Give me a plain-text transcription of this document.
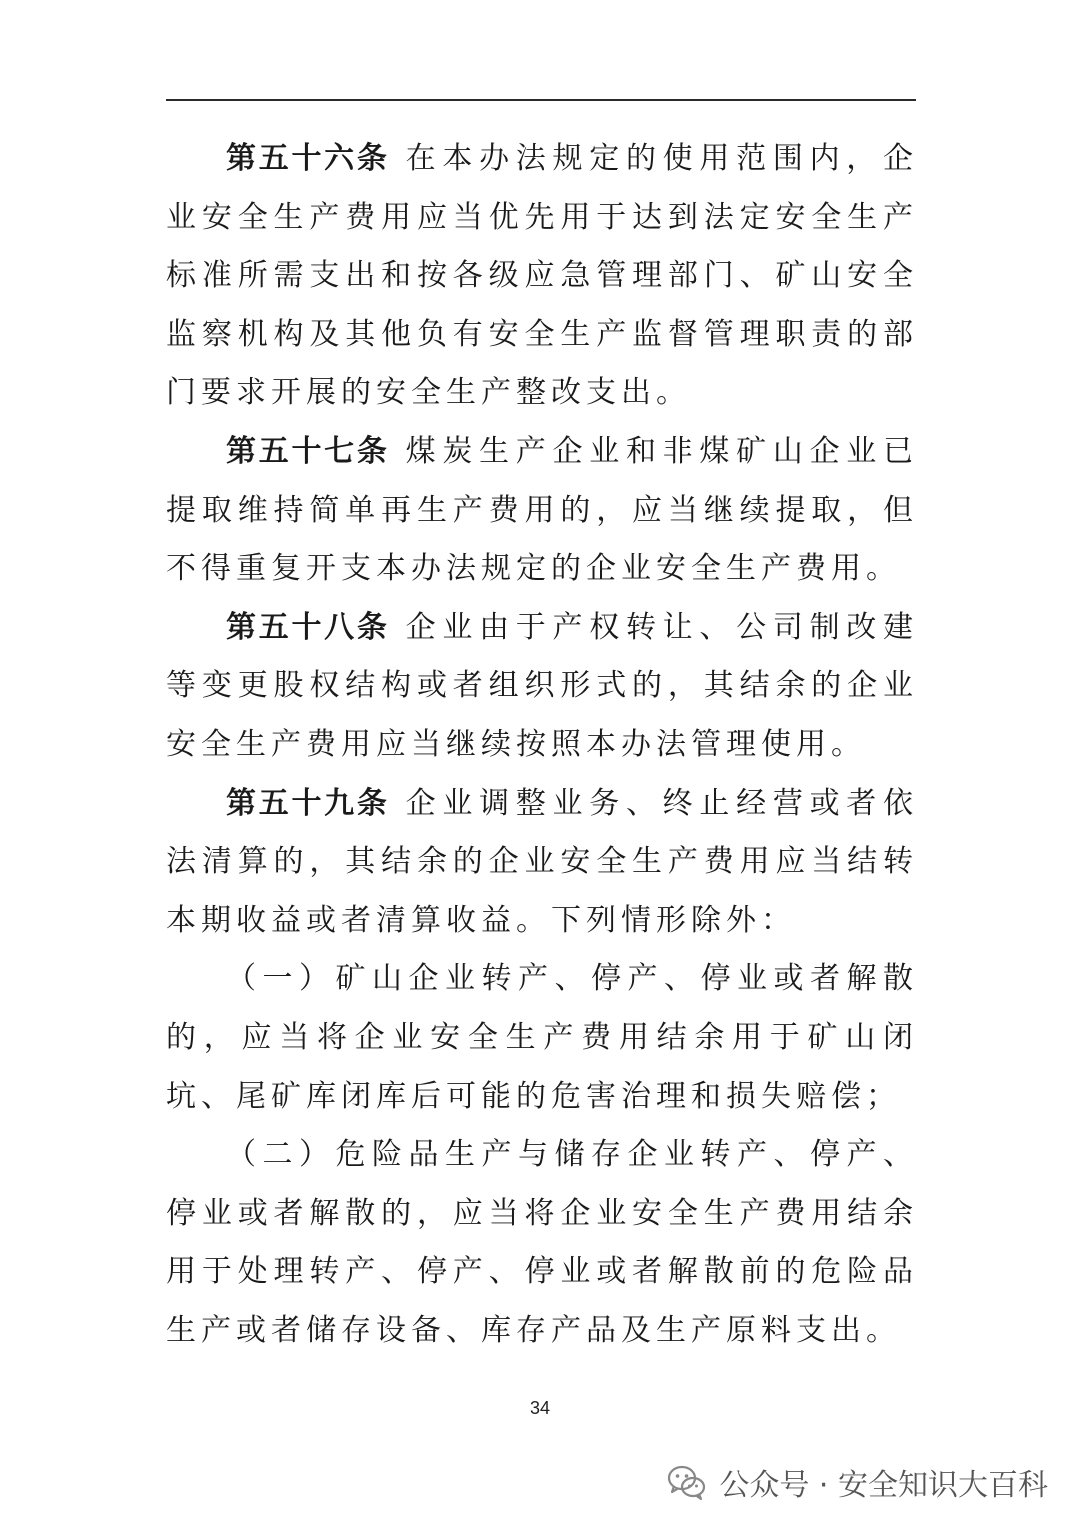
第五十六条 在本办法规定的使用范围内，企业安全生产费用应当优先用于达到法定安全生产标准所需支出和按各级应急管理部门、矿山安全监察机构及其他负有安全生产监督管理职责的部门要求开展的安全生产整改支出。

第五十七条 煤炭生产企业和非煤矿山企业已提取维持简单再生产费用的，应当继续提取，但不得重复开支本办法规定的企业安全生产费用。

第五十八条 企业由于产权转让、公司制改建等变更股权结构或者组织形式的，其结余的企业安全生产费用应当继续按照本办法管理使用。

第五十九条 企业调整业务、终止经营或者依法清算的，其结余的企业安全生产费用应当结转本期收益或者清算收益。下列情形除外：

（一）矿山企业转产、停产、停业或者解散的，应当将企业安全生产费用结余用于矿山闭坑、尾矿库闭库后可能的危害治理和损失赔偿；

（二）危险品生产与储存企业转产、停产、停业或者解散的，应当将企业安全生产费用结余用于处理转产、停产、停业或者解散前的危险品生产或者储存设备、库存产品及生产原料支出。

34
公众号 · 安全知识大百科
